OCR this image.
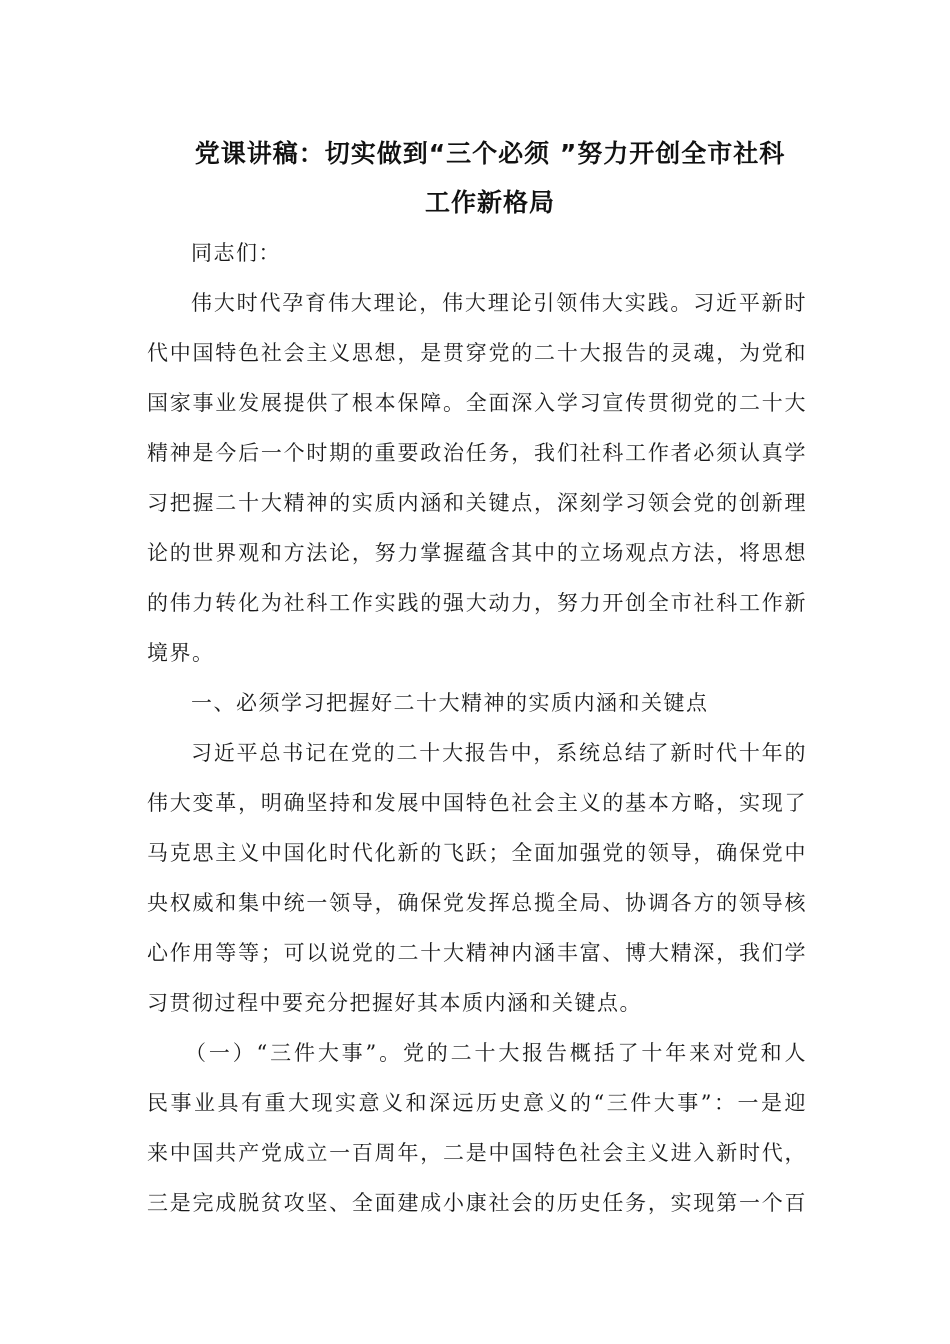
党课讲稿：切实做到“三个必须 ”努力开创全市社科
工作新格局
同志们：
伟大时代孕育伟大理论，伟大理论引领伟大实践。习近平新时
代中国特色社会主义思想，是贯穿党的二十大报告的灵魂，为党和
国家事业发展提供了根本保障。全面深入学习宣传贯彻党的二十大
精神是今后一个时期的重要政治任务，我们社科工作者必须认真学
习把握二十大精神的实质内涵和关键点，深刻学习领会党的创新理
论的世界观和方法论，努力掌握蕴含其中的立场观点方法，将思想
的伟力转化为社科工作实践的强大动力，努力开创全市社科工作新
境界。
一、必须学习把握好二十大精神的实质内涵和关键点
习近平总书记在党的二十大报告中，系统总结了新时代十年的
伟大变革，明确坚持和发展中国特色社会主义的基本方略，实现了
马克思主义中国化时代化新的飞跃；全面加强党的领导，确保党中
央权威和集中统一领导，确保党发挥总揽全局、协调各方的领导核
心作用等等；可以说党的二十大精神内涵丰富、博大精深，我们学
习贯彻过程中要充分把握好其本质内涵和关键点。
（一）“三件大事”。党的二十大报告概括了十年来对党和人
民事业具有重大现实意义和深远历史意义的“三件大事”：一是迎
来中国共产党成立一百周年，二是中国特色社会主义进入新时代，
三是完成脱贫攻坚、全面建成小康社会的历史任务，实现第一个百
